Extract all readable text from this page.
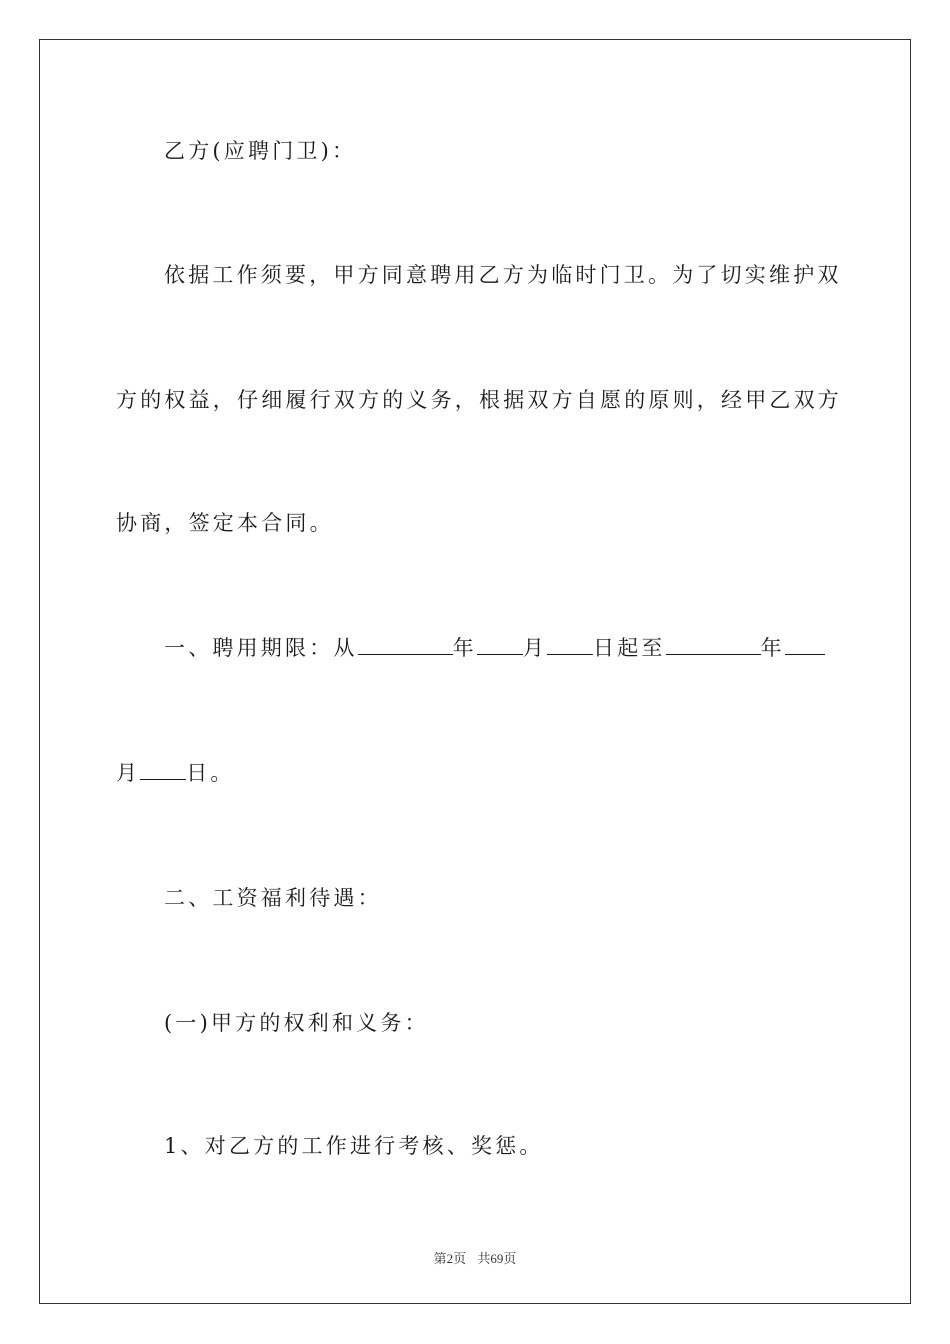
乙方(应聘门卫)：
依据工作须要，甲方同意聘用乙方为临时门卫。为了切实维护双
方的权益，仔细履行双方的义务，根据双方自愿的原则，经甲乙双方
协商，签定本合同。
一、聘用期限：从	年 月 日起至	年
月 日。
二、工资福利待遇：
(一)甲方的权利和义务：
1、对乙方的工作进行考核、奖惩。
第2页 共69页
